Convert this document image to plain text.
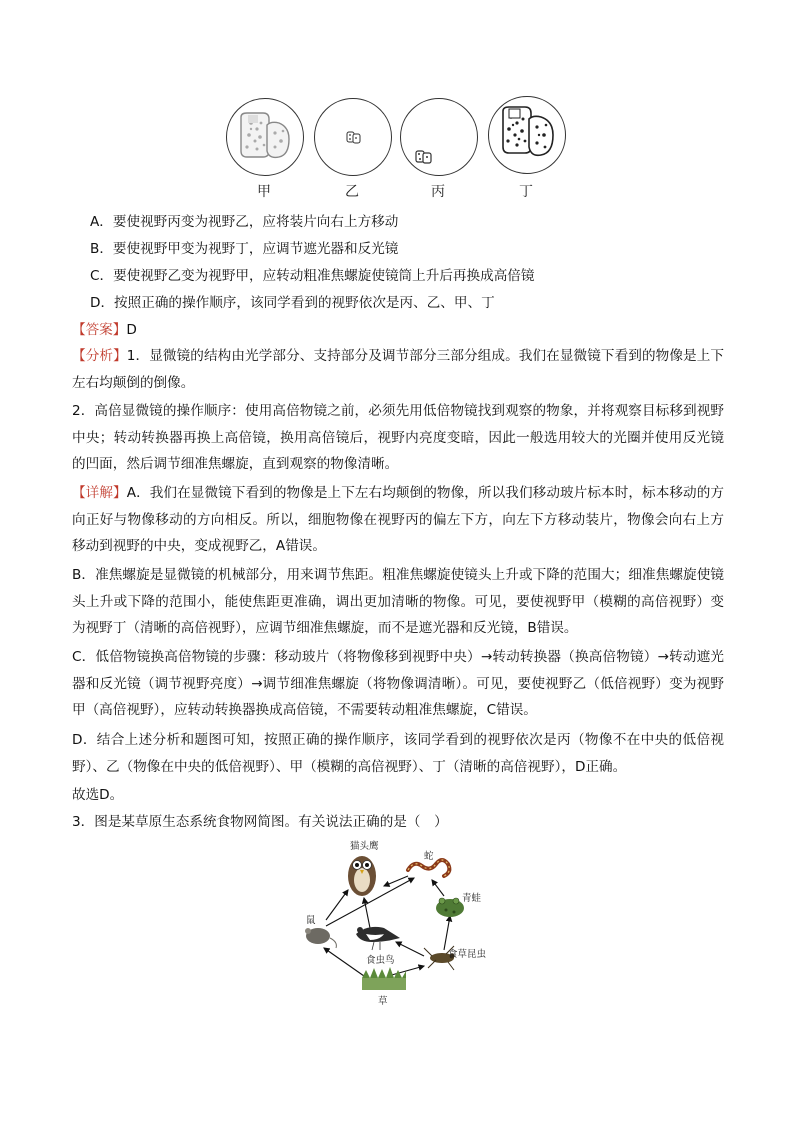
甲	乙	丙	丁
A．要使视野丙变为视野乙，应将装片向右上方移动
B．要使视野甲变为视野丁，应调节遮光器和反光镜
C．要使视野乙变为视野甲，应转动粗准焦螺旋使镜筒上升后再换成高倍镜
D．按照正确的操作顺序，该同学看到的视野依次是丙、乙、甲、丁
【答案】D
【分析】1．显微镜的结构由光学部分、支持部分及调节部分三部分组成。我们在显微镜下看到的物像是上下左右均颠倒的倒像。
2．高倍显微镜的操作顺序：使用高倍物镜之前，必须先用低倍物镜找到观察的物象，并将观察目标移到视野中央；转动转换器再换上高倍镜，换用高倍镜后，视野内亮度变暗，因此一般选用较大的光圈并使用反光镜的凹面，然后调节细准焦螺旋，直到观察的物像清晰。
【详解】A．我们在显微镜下看到的物像是上下左右均颠倒的物像，所以我们移动玻片标本时，标本移动的方向正好与物像移动的方向相反。所以，细胞物像在视野丙的偏左下方，向左下方移动装片，物像会向右上方移动到视野的中央，变成视野乙，A错误。
B．准焦螺旋是显微镜的机械部分，用来调节焦距。粗准焦螺旋使镜头上升或下降的范围大；细准焦螺旋使镜头上升或下降的范围小，能使焦距更准确，调出更加清晰的物像。可见，要使视野甲（模糊的高倍视野）变为视野丁（清晰的高倍视野），应调节细准焦螺旋，而不是遮光器和反光镜，B错误。
C．低倍物镜换高倍物镜的步骤：移动玻片（将物像移到视野中央）→转动转换器（换高倍物镜）→转动遮光器和反光镜（调节视野亮度）→调节细准焦螺旋（将物像调清晰）。可见，要使视野乙（低倍视野）变为视野甲（高倍视野），应转动转换器换成高倍镜，不需要转动粗准焦螺旋，C错误。
D．结合上述分析和题图可知，按照正确的操作顺序，该同学看到的视野依次是丙（物像不在中央的低倍视野）、乙（物像在中央的低倍视野）、甲（模糊的高倍视野）、丁（清晰的高倍视野），D正确。
故选D。
3．图是某草原生态系统食物网简图。有关说法正确的是（　）
猫头鹰
蛇
青蛙
鼠
食虫鸟
食草昆虫
草
